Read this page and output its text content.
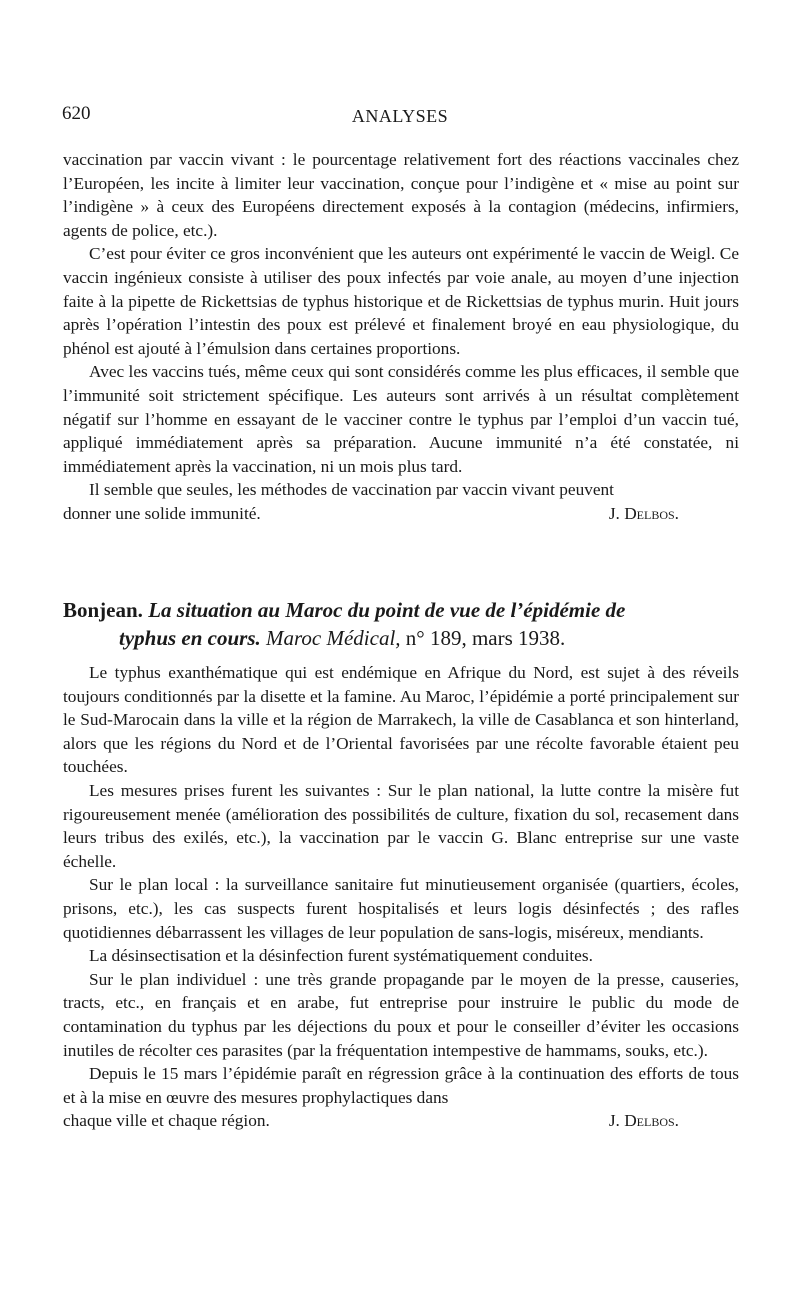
620	ANALYSES

vaccination par vaccin vivant : le pourcentage relativement fort des réactions vaccinales chez l’Européen, les incite à limiter leur vaccination, conçue pour l’indigène et « mise au point sur l’indigène » à ceux des Européens directement exposés à la contagion (médecins, infirmiers, agents de police, etc.).

C’est pour éviter ce gros inconvénient que les auteurs ont expérimenté le vaccin de Weigl. Ce vaccin ingénieux consiste à utiliser des poux infectés par voie anale, au moyen d’une injection faite à la pipette de Rickettsias de typhus historique et de Rickettsias de typhus murin. Huit jours après l’opération l’intestin des poux est prélevé et finalement broyé en eau physiologique, du phénol est ajouté à l’émulsion dans certaines proportions.

Avec les vaccins tués, même ceux qui sont considérés comme les plus efficaces, il semble que l’immunité soit strictement spécifique. Les auteurs sont arrivés à un résultat complètement négatif sur l’homme en essayant de le vacciner contre le typhus par l’emploi d’un vaccin tué, appliqué immédiatement après sa préparation. Aucune immunité n’a été constatée, ni immédiatement après la vaccination, ni un mois plus tard.

Il semble que seules, les méthodes de vaccination par vaccin vivant peuvent

donner une solide immunité.	J. Delbos.
Bonjean. La situation au Maroc du point de vue de l’épidémie de
typhus en cours. Maroc Médical, n° 189, mars 1938.

Le typhus exanthématique qui est endémique en Afrique du Nord, est sujet à des réveils toujours conditionnés par la disette et la famine. Au Maroc, l’épidémie a porté principalement sur le Sud-Marocain dans la ville et la région de Marrakech, la ville de Casablanca et son hinterland, alors que les régions du Nord et de l’Oriental favorisées par une récolte favorable étaient peu touchées.

Les mesures prises furent les suivantes : Sur le plan national, la lutte contre la misère fut rigoureusement menée (amélioration des possibilités de culture, fixation du sol, recasement dans leurs tribus des exilés, etc.), la vaccination par le vaccin G. Blanc entreprise sur une vaste échelle.

Sur le plan local : la surveillance sanitaire fut minutieusement organisée (quartiers, écoles, prisons, etc.), les cas suspects furent hospitalisés et leurs logis désinfectés ; des rafles quotidiennes débarrassent les villages de leur population de sans-logis, miséreux, mendiants.

La désinsectisation et la désinfection furent systématiquement conduites.

Sur le plan individuel : une très grande propagande par le moyen de la presse, causeries, tracts, etc., en français et en arabe, fut entreprise pour instruire le public du mode de contamination du typhus par les déjections du poux et pour le conseiller d’éviter les occasions inutiles de récolter ces parasites (par la fréquentation intempestive de hammams, souks, etc.).

Depuis le 15 mars l’épidémie paraît en régression grâce à la continuation des efforts de tous et à la mise en œuvre des mesures prophylactiques dans

chaque ville et chaque région.	J. Delbos.
